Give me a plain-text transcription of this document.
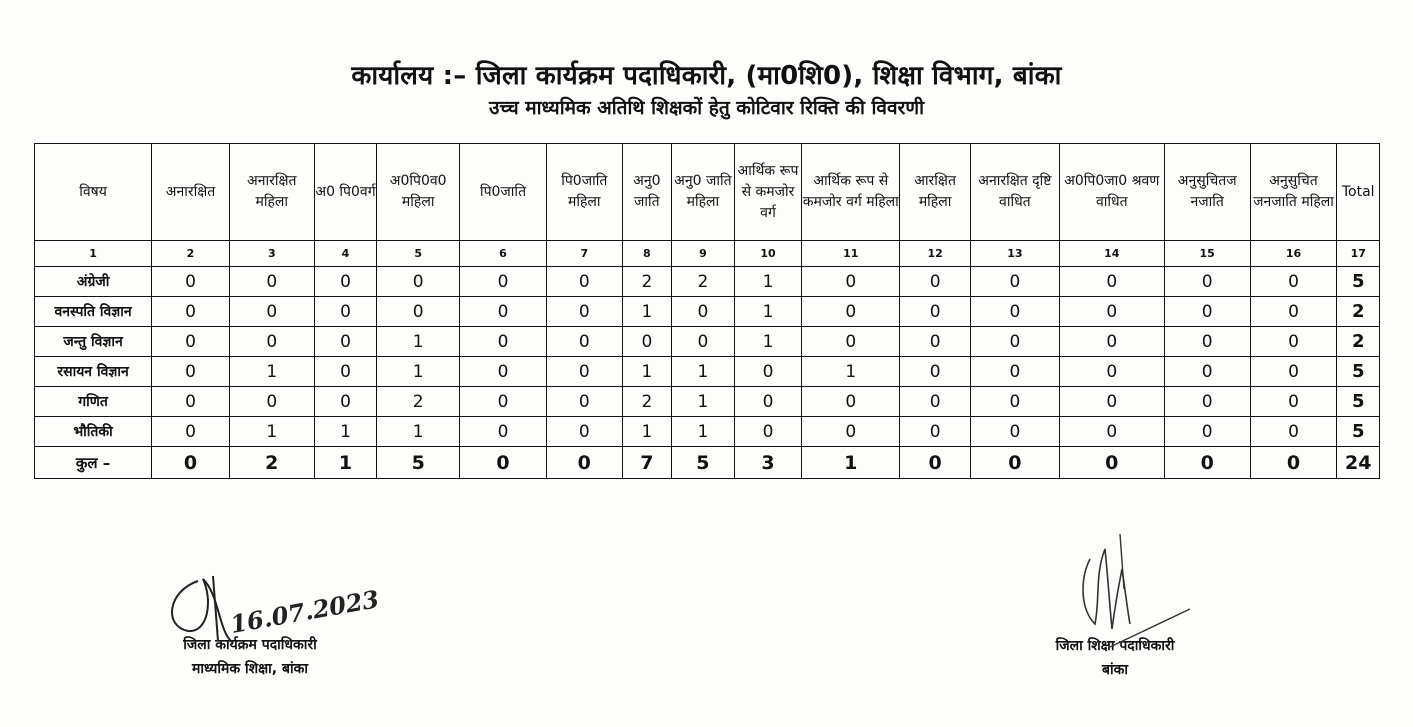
कार्यालय :– जिला कार्यक्रम पदाधिकारी, (मा0शि0), शिक्षा विभाग, बांका
उच्च माध्यमिक अतिथि शिक्षकों हेतु कोटिवार रिक्ति की विवरणी
विषय	अनारक्षित	अनारक्षित महिला	अ0 पि0वर्ग	अ0पि0व0 महिला	पि0जाति	पि0जाति महिला	अनु0 जाति	अनु0 जाति महिला	आर्थिक रूप से कमजोर वर्ग	आर्थिक रूप से कमजोर वर्ग महिला	आरक्षित महिला	अनारक्षित दृष्टि वाधित	अ0पि0जा0 श्रवण वाधित	अनुसुचितज नजाति	अनुसुचित जनजाति महिला	Total
1	2	3	4	5	6	7	8	9	10	11	12	13	14	15	16	17
अंग्रेजी	0	0	0	0	0	0	2	2	1	0	0	0	0	0	0	5
वनस्पति विज्ञान	0	0	0	0	0	0	1	0	1	0	0	0	0	0	0	2
जन्तु विज्ञान	0	0	0	1	0	0	0	0	1	0	0	0	0	0	0	2
रसायन विज्ञान	0	1	0	1	0	0	1	1	0	1	0	0	0	0	0	5
गणित	0	0	0	2	0	0	2	1	0	0	0	0	0	0	0	5
भौतिकी	0	1	1	1	0	0	1	1	0	0	0	0	0	0	0	5
कुल –	0	2	1	5	0	0	7	5	3	1	0	0	0	0	0	24
16.07.2023
जिला कार्यक्रम पदाधिकारी
माध्यमिक शिक्षा, बांका
जिला शिक्षा पदाधिकारी
बांका
